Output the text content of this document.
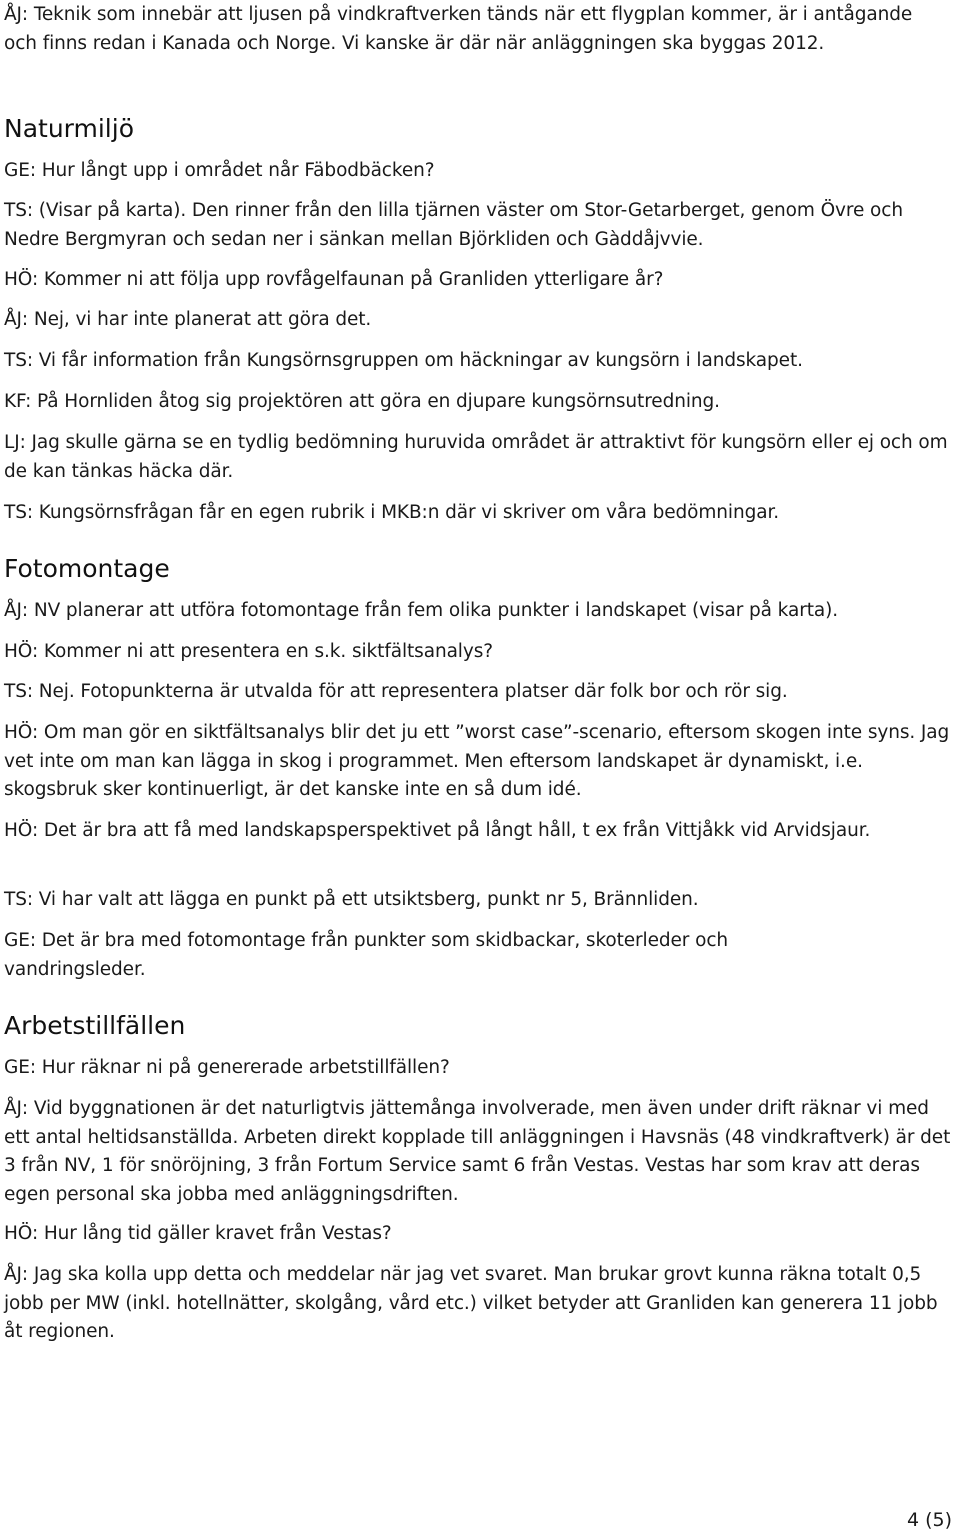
ÅJ: Teknik som innebär att ljusen på vindkraftverken tänds när ett flygplan kommer, är i antågande och finns redan i Kanada och Norge. Vi kanske är där när anläggningen ska byggas 2012.

Naturmiljö

GE: Hur långt upp i området når Fäbodbäcken?

TS: (Visar på karta). Den rinner från den lilla tjärnen väster om Stor-Getarberget, genom Övre och Nedre Bergmyran och sedan ner i sänkan mellan Björkliden och Gàddåjvvie.

HÖ: Kommer ni att följa upp rovfågelfaunan på Granliden ytterligare år?

ÅJ: Nej, vi har inte planerat att göra det.

TS: Vi får information från Kungsörnsgruppen om häckningar av kungsörn i landskapet.

KF: På Hornliden åtog sig projektören att göra en djupare kungsörnsutredning.

LJ: Jag skulle gärna se en tydlig bedömning huruvida området är attraktivt för kungsörn eller ej och om de kan tänkas häcka där.

TS: Kungsörnsfrågan får en egen rubrik i MKB:n där vi skriver om våra bedömningar.

Fotomontage

ÅJ: NV planerar att utföra fotomontage från fem olika punkter i landskapet (visar på karta).

HÖ: Kommer ni att presentera en s.k. siktfältsanalys?

TS: Nej. Fotopunkterna är utvalda för att representera platser där folk bor och rör sig.

HÖ: Om man gör en siktfältsanalys blir det ju ett ”worst case”-scenario, eftersom skogen inte syns. Jag vet inte om man kan lägga in skog i programmet. Men eftersom landskapet är dynamiskt, i.e. skogsbruk sker kontinuerligt, är det kanske inte en så dum idé.

HÖ: Det är bra att få med landskapsperspektivet på långt håll, t ex från Vittjåkk vid Arvidsjaur.

TS: Vi har valt att lägga en punkt på ett utsiktsberg, punkt nr 5, Brännliden.

GE: Det är bra med fotomontage från punkter som skidbackar, skoterleder och vandringsleder.

Arbetstillfällen

GE: Hur räknar ni på genererade arbetstillfällen?

ÅJ: Vid byggnationen är det naturligtvis jättemånga involverade, men även under drift räknar vi med ett antal heltidsanställda. Arbeten direkt kopplade till anläggningen i Havsnäs (48 vindkraftverk) är det 3 från NV, 1 för snöröjning, 3 från Fortum Service samt 6 från Vestas. Vestas har som krav att deras egen personal ska jobba med anläggningsdriften.

HÖ: Hur lång tid gäller kravet från Vestas?

ÅJ: Jag ska kolla upp detta och meddelar när jag vet svaret. Man brukar grovt kunna räkna totalt 0,5 jobb per MW (inkl. hotellnätter, skolgång, vård etc.) vilket betyder att Granliden kan generera 11 jobb åt regionen.

4 (5)
